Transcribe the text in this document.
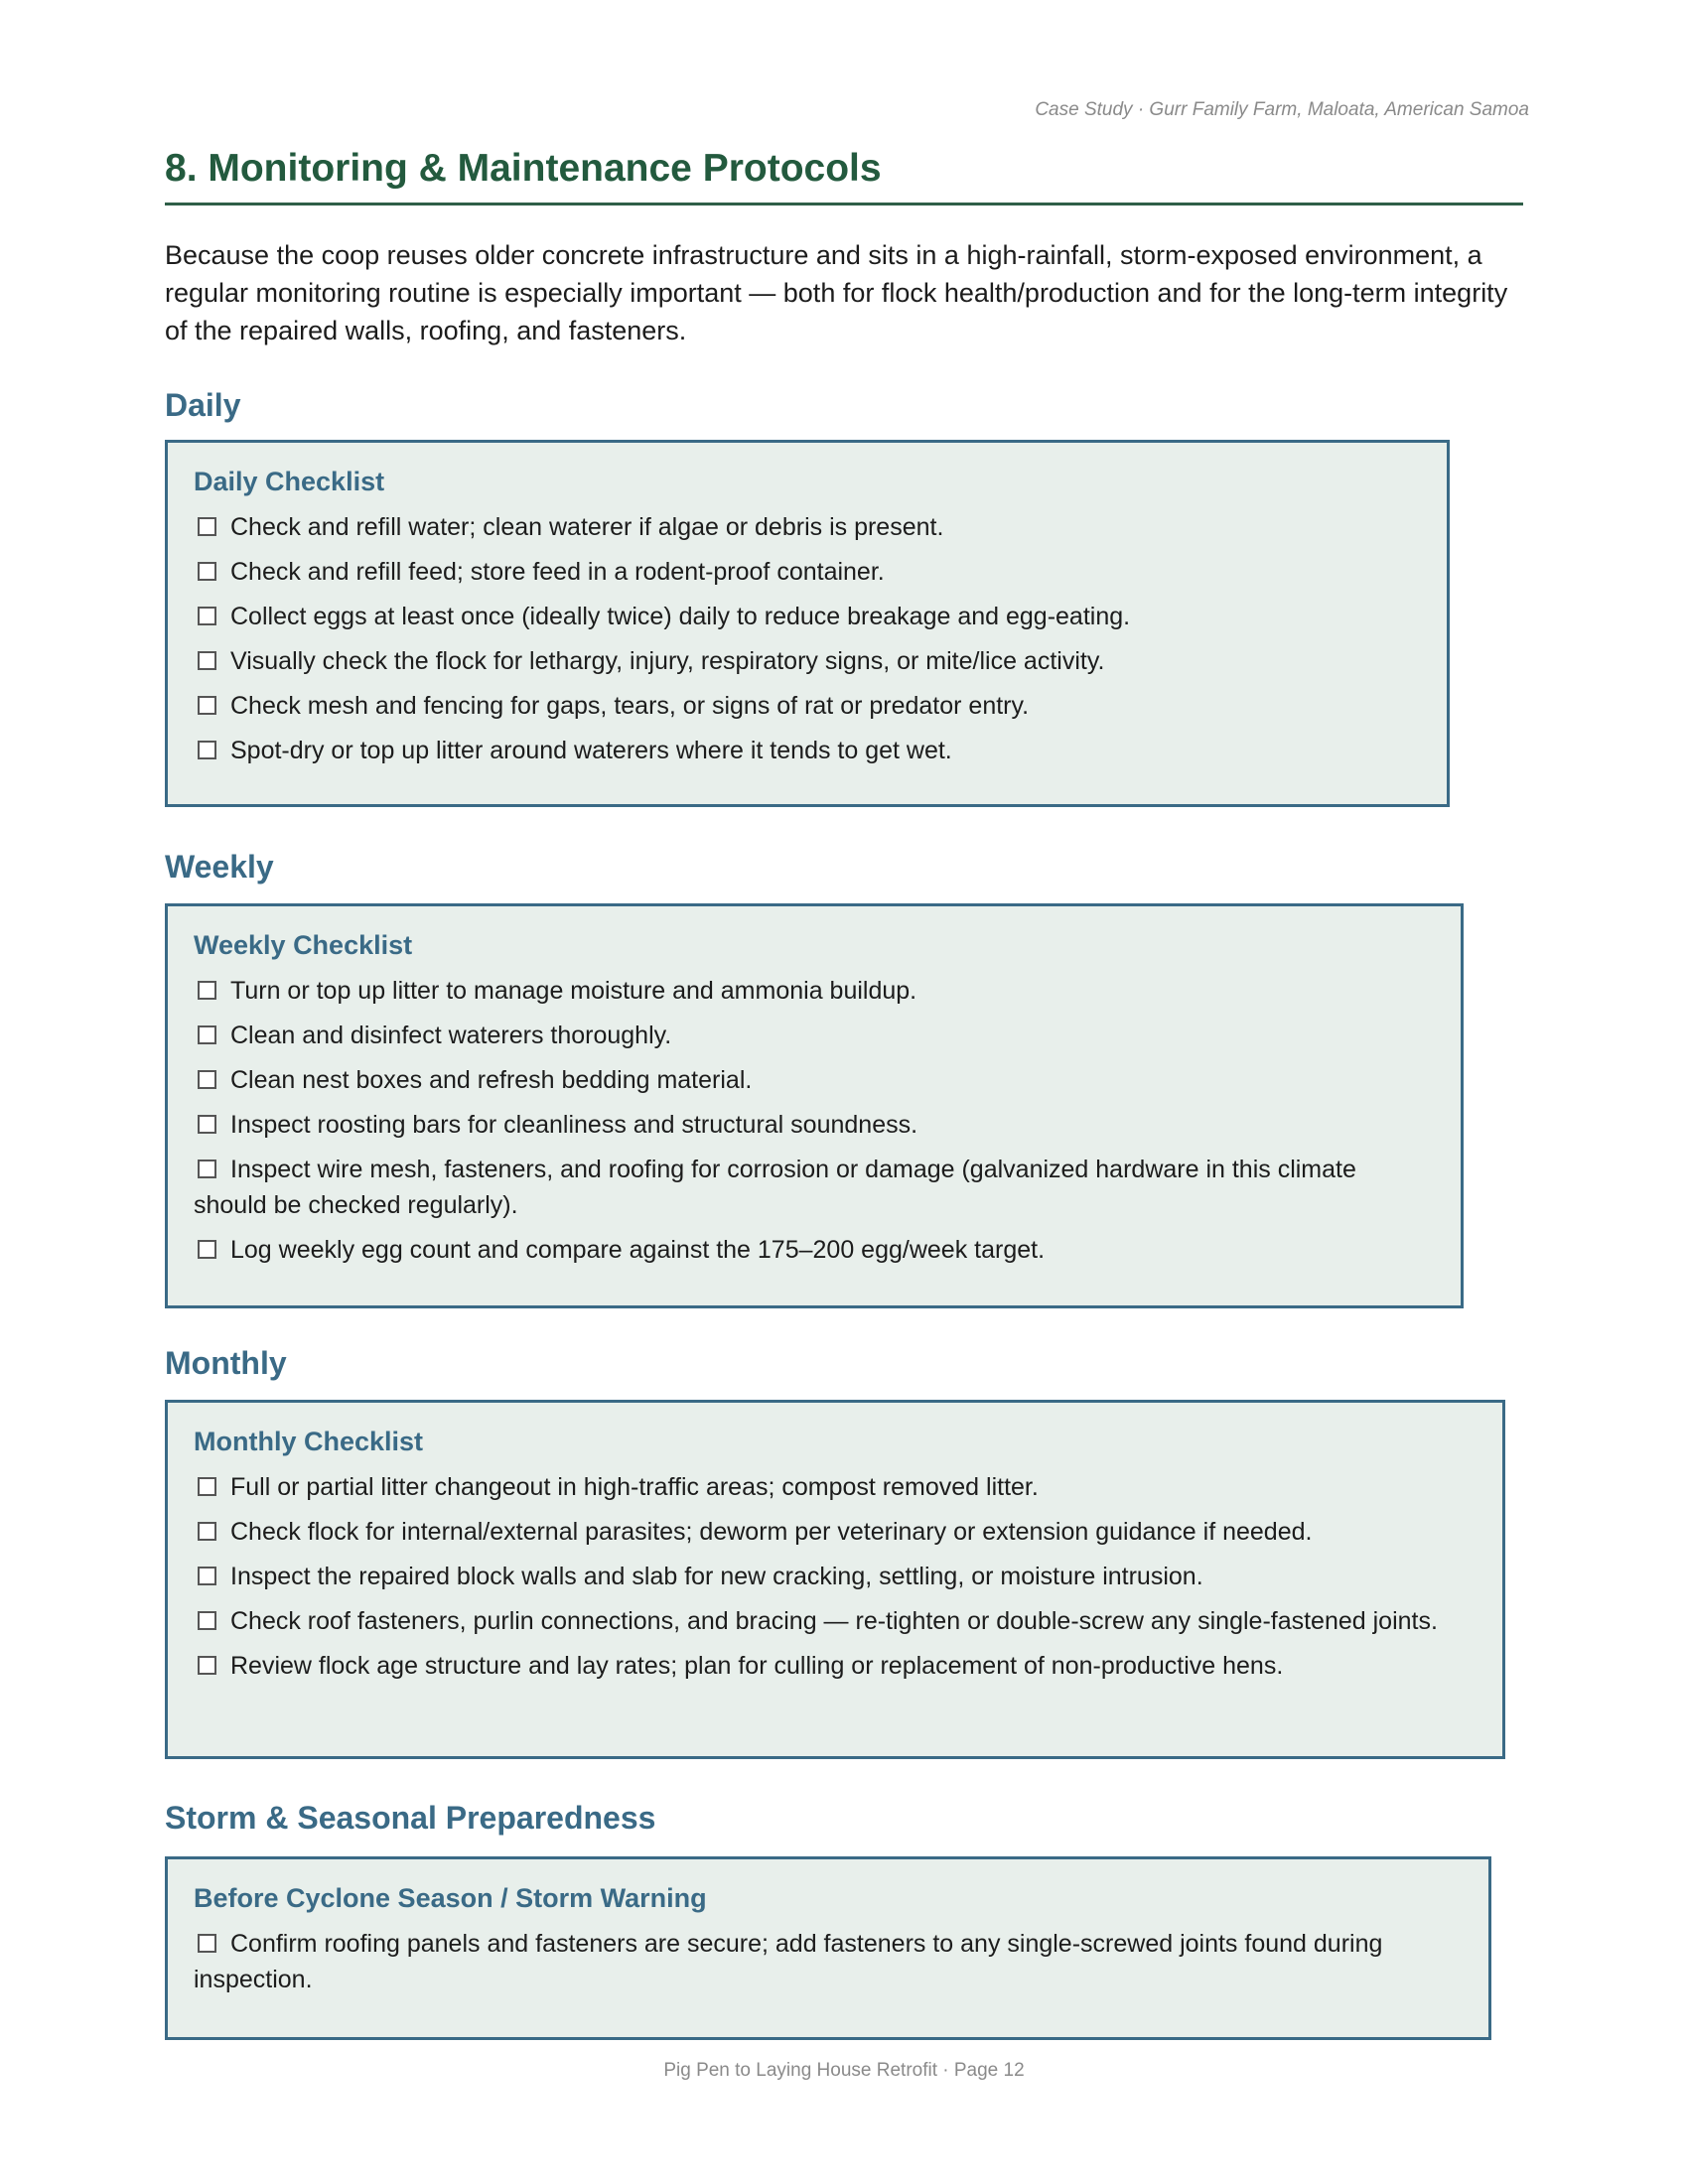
Case Study · Gurr Family Farm, Maloata, American Samoa
8. Monitoring & Maintenance Protocols

Because the coop reuses older concrete infrastructure and sits in a high-rainfall, storm-exposed environment, a regular monitoring routine is especially important — both for flock health/production and for the long-term integrity of the repaired walls, roofing, and fasteners.

Daily
Daily Checklist
Check and refill water; clean waterer if algae or debris is present.
Check and refill feed; store feed in a rodent-proof container.
Collect eggs at least once (ideally twice) daily to reduce breakage and egg-eating.
Visually check the flock for lethargy, injury, respiratory signs, or mite/lice activity.
Check mesh and fencing for gaps, tears, or signs of rat or predator entry.
Spot-dry or top up litter around waterers where it tends to get wet.
Weekly
Weekly Checklist
Turn or top up litter to manage moisture and ammonia buildup.
Clean and disinfect waterers thoroughly.
Clean nest boxes and refresh bedding material.
Inspect roosting bars for cleanliness and structural soundness.
Inspect wire mesh, fasteners, and roofing for corrosion or damage (galvanized hardware in this climate should be checked regularly).
Log weekly egg count and compare against the 175–200 egg/week target.
Monthly
Monthly Checklist
Full or partial litter changeout in high-traffic areas; compost removed litter.
Check flock for internal/external parasites; deworm per veterinary or extension guidance if needed.
Inspect the repaired block walls and slab for new cracking, settling, or moisture intrusion.
Check roof fasteners, purlin connections, and bracing — re-tighten or double-screw any single-fastened joints.
Review flock age structure and lay rates; plan for culling or replacement of non-productive hens.
Storm & Seasonal Preparedness
Before Cyclone Season / Storm Warning
Confirm roofing panels and fasteners are secure; add fasteners to any single-screwed joints found during inspection.
Pig Pen to Laying House Retrofit · Page 12
